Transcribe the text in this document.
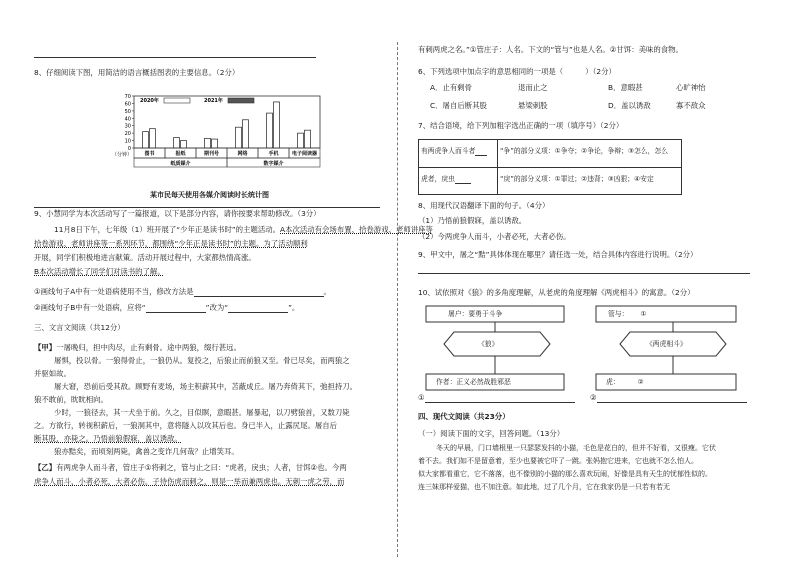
8、仔细阅读下图，用简洁的语言概括图表的主要信息。（2分）
0
10
20
30
40
50
60
70
（分钟）
2020年	2021年
图书	报纸	期刊号	网络	手机	电子阅读器
纸质媒介	数字媒介
某市民每天使用各媒介阅读时长统计图
9、小慧同学为本次活动写了一篇报道，以下是部分内容，请你按要求帮助修改。（3分）
11月8日下午，七年级（1）班开展了“少年正是读书时”的主题活动。A本次活动有会场布置、拾卷游戏、老师讲座等
拾卷游戏、老师讲座等一系列环节，都围绕“少年正是读书时”的主题。为了活动顺利
开展，同学们积极地进言献策。活动开展过程中，大家都热情高涨。
B本次活动增长了同学们对读书的了解。
①画线句子A中有一处语病使用不当，修改方法是	。
②画线句子B中有一处语病，应将“	”改为“	”。
三、文言文阅读（共12分）
【甲】一屠晚归，担中肉尽，止有剩骨。途中两狼，缀行甚远。
屠惧，投以骨。一狼得骨止，一狼仍从。复投之，后狼止而前狼又至。骨已尽矣，而两狼之
并驱如故。
屠大窘，恐前后受其敌。顾野有麦场，场主积薪其中，苫蔽成丘。屠乃奔倚其下，弛担持刀。
狼不敢前，眈眈相向。
少时，一狼径去，其一犬坐于前。久之，目似瞑，意暇甚。屠暴起，以刀劈狼首，又数刀毙
之。方欲行，转视积薪后，一狼洞其中，意将隧入以攻其后也。身已半入，止露尻尾。屠自后
断其股，亦毙之。乃悟前狼假寐，盖以诱敌。
狼亦黠矣，而顷刻两毙，禽兽之变诈几何哉？止增笑耳。
【乙】有两虎争人而斗者，管庄子①将刺之，管与止之曰：“虎者，戾虫；人者，甘饵②也。今两
虎争人而斗，小者必死，大者必伤。子待伤虎而刺之，则是一举而兼两虎也。无刺一虎之劳，而
有刺两虎之名。”①管庄子：人名。下文的“管与”也是人名。②甘饵：美味的食物。
6、下列选项中加点字的意思相同的一项是（　　　）（2分）
A．止有剩骨	退而止之	B．意暇甚	心旷神怡
C．屠自后断其股	悬梁刺股	D．盖以诱敌	寡不敌众
7、结合语境，给下列加粗字选出正确的一项（填序号）（2分）
有两虎争人而斗者	“争”的部分义项：①争夺；②争论，争辩；③怎么，怎么
虎者，戾虫	“戾”的部分义项：①罪过；②违背；③凶狠；④安定
8、用现代汉语翻译下面的句子。（4分）
（1）乃悟前狼假寐，盖以诱敌。
（2）今两虎争人而斗，小者必死，大者必伤。
9、甲文中，屠之“黠”具体体现在哪里？请任选一处，结合具体内容进行说明。（2分）
10、试依照对《狼》的多角度理解，从老虎的角度理解《两虎相斗》的寓意。（2分）
屠户：要勇于斗争
《狼》
作者：正义必然战胜邪恶
管与： ①
《两虎相斗》
虎：	②
①	②
四、现代文阅读（共23分）
（一）阅读下面的文字，回答问题。（13分）
冬天的早晨，门口墙根里一只瑟瑟发抖的小猫，毛色是花白的，但并不好看，又很瘦。它伏
着不去。我们如不是留意着，至少也要被它吓了一跳。张妈抱它进来，它也就不怎么怕人。
似大家都看重它，它不落落，也不像别的小猫的那么喜欢玩闹，好像是具有天生的忧郁性似的。
连三妹那样爱猫，也不加注意。如此地，过了几个月，它在我家仍是一只若有若无
